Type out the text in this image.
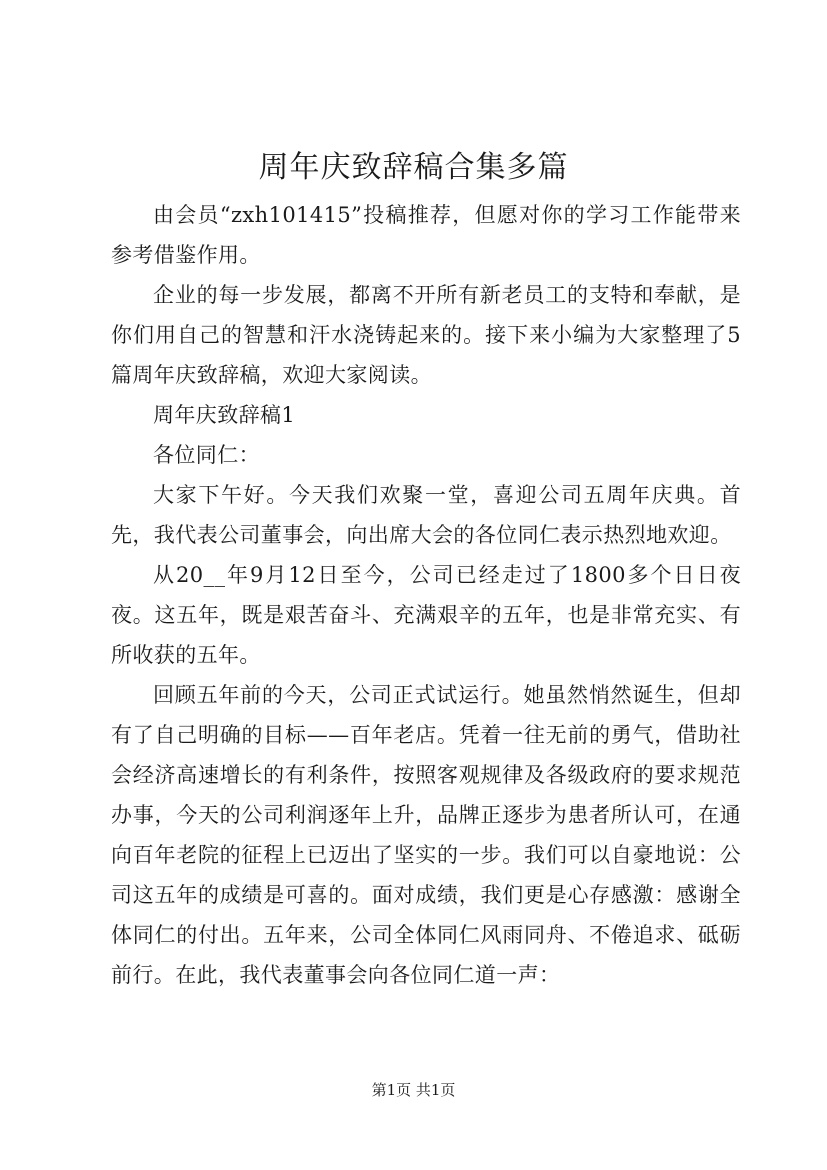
周年庆致辞稿合集多篇

由会员“zxh101415”投稿推荐，但愿对你的学习工作能带来参考借鉴作用。

企业的每一步发展，都离不开所有新老员工的支特和奉献，是你们用自己的智慧和汗水浇铸起来的。接下来小编为大家整理了5篇周年庆致辞稿，欢迎大家阅读。

周年庆致辞稿1

各位同仁：

大家下午好。今天我们欢聚一堂，喜迎公司五周年庆典。首先，我代表公司董事会，向出席大会的各位同仁表示热烈地欢迎。

从20__年9月12日至今，公司已经走过了1800多个日日夜夜。这五年，既是艰苦奋斗、充满艰辛的五年，也是非常充实、有所收获的五年。

回顾五年前的今天，公司正式试运行。她虽然悄然诞生，但却有了自己明确的目标——百年老店。凭着一往无前的勇气，借助社会经济高速增长的有利条件，按照客观规律及各级政府的要求规范办事，今天的公司利润逐年上升，品牌正逐步为患者所认可，在通向百年老院的征程上已迈出了坚实的一步。我们可以自豪地说：公司这五年的成绩是可喜的。面对成绩，我们更是心存感激：感谢全体同仁的付出。五年来，公司全体同仁风雨同舟、不倦追求、砥砺前行。在此，我代表董事会向各位同仁道一声：

第1页 共1页
